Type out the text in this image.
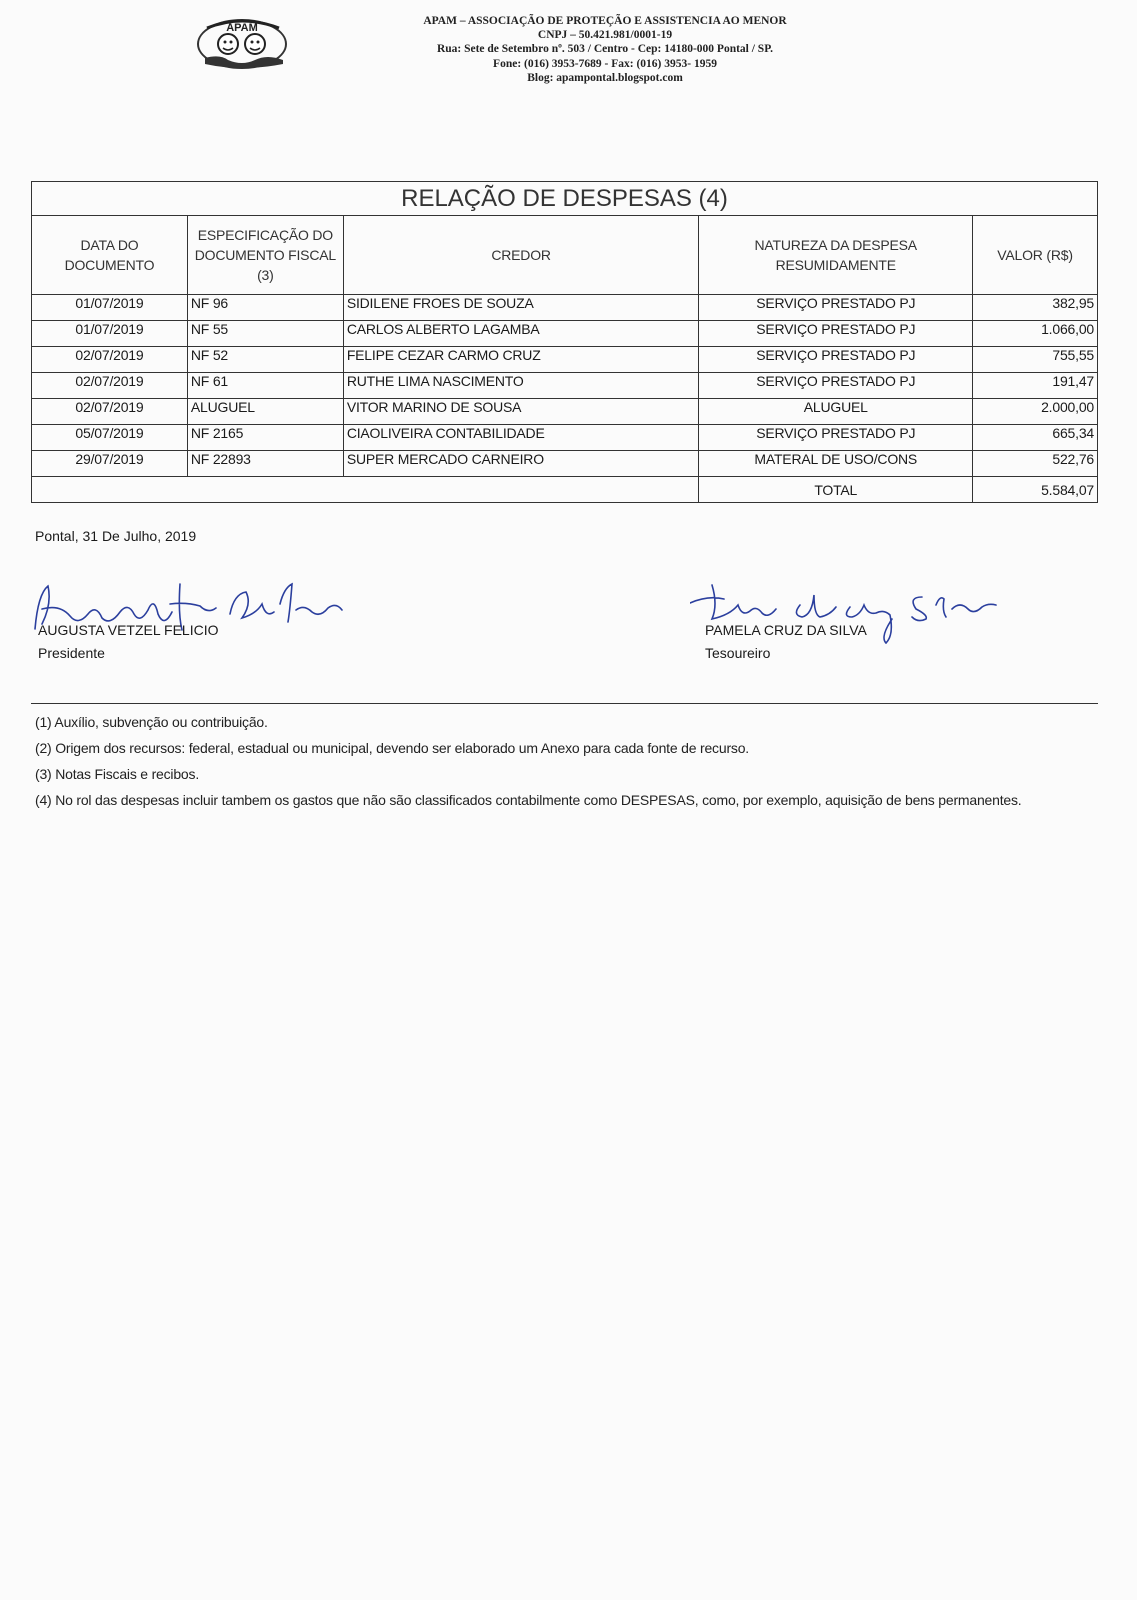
APAM
APAM – ASSOCIAÇÃO DE PROTEÇÃO E ASSISTENCIA AO MENOR
CNPJ – 50.421.981/0001-19
Rua: Sete de Setembro nº. 503 / Centro - Cep: 14180-000 Pontal / SP.
Fone: (016) 3953-7689 - Fax: (016) 3953- 1959
Blog: apampontal.blogspot.com
RELAÇÃO DE DESPESAS (4)				
DATA DO DOCUMENTO	ESPECIFICAÇÃO DO DOCUMENTO FISCAL (3)	CREDOR	NATUREZA DA DESPESA RESUMIDAMENTE	VALOR (R$)
01/07/2019	NF 96	SIDILENE FROES DE SOUZA	SERVIÇO PRESTADO PJ	382,95
01/07/2019	NF 55	CARLOS ALBERTO LAGAMBA	SERVIÇO PRESTADO PJ	1.066,00
02/07/2019	NF 52	FELIPE CEZAR CARMO CRUZ	SERVIÇO PRESTADO PJ	755,55
02/07/2019	NF 61	RUTHE LIMA NASCIMENTO	SERVIÇO PRESTADO PJ	191,47
02/07/2019	ALUGUEL	VITOR MARINO DE SOUSA	ALUGUEL	2.000,00
05/07/2019	NF 2165	CIAOLIVEIRA CONTABILIDADE	SERVIÇO PRESTADO PJ	665,34
29/07/2019	NF 22893	SUPER MERCADO CARNEIRO	MATERAL DE USO/CONS	522,76
			TOTAL	5.584,07
Pontal, 31 De Julho, 2019
AUGUSTA VETZEL FELICIO
Presidente
PAMELA CRUZ DA SILVA
Tesoureiro

(1) Auxílio, subvenção ou contribuição.

(2) Origem dos recursos: federal, estadual ou municipal, devendo ser elaborado um Anexo para cada fonte de recurso.

(3) Notas Fiscais e recibos.

(4) No rol das despesas incluir tambem os gastos que não são classificados contabilmente como DESPESAS, como, por exemplo, aquisição de bens permanentes.
